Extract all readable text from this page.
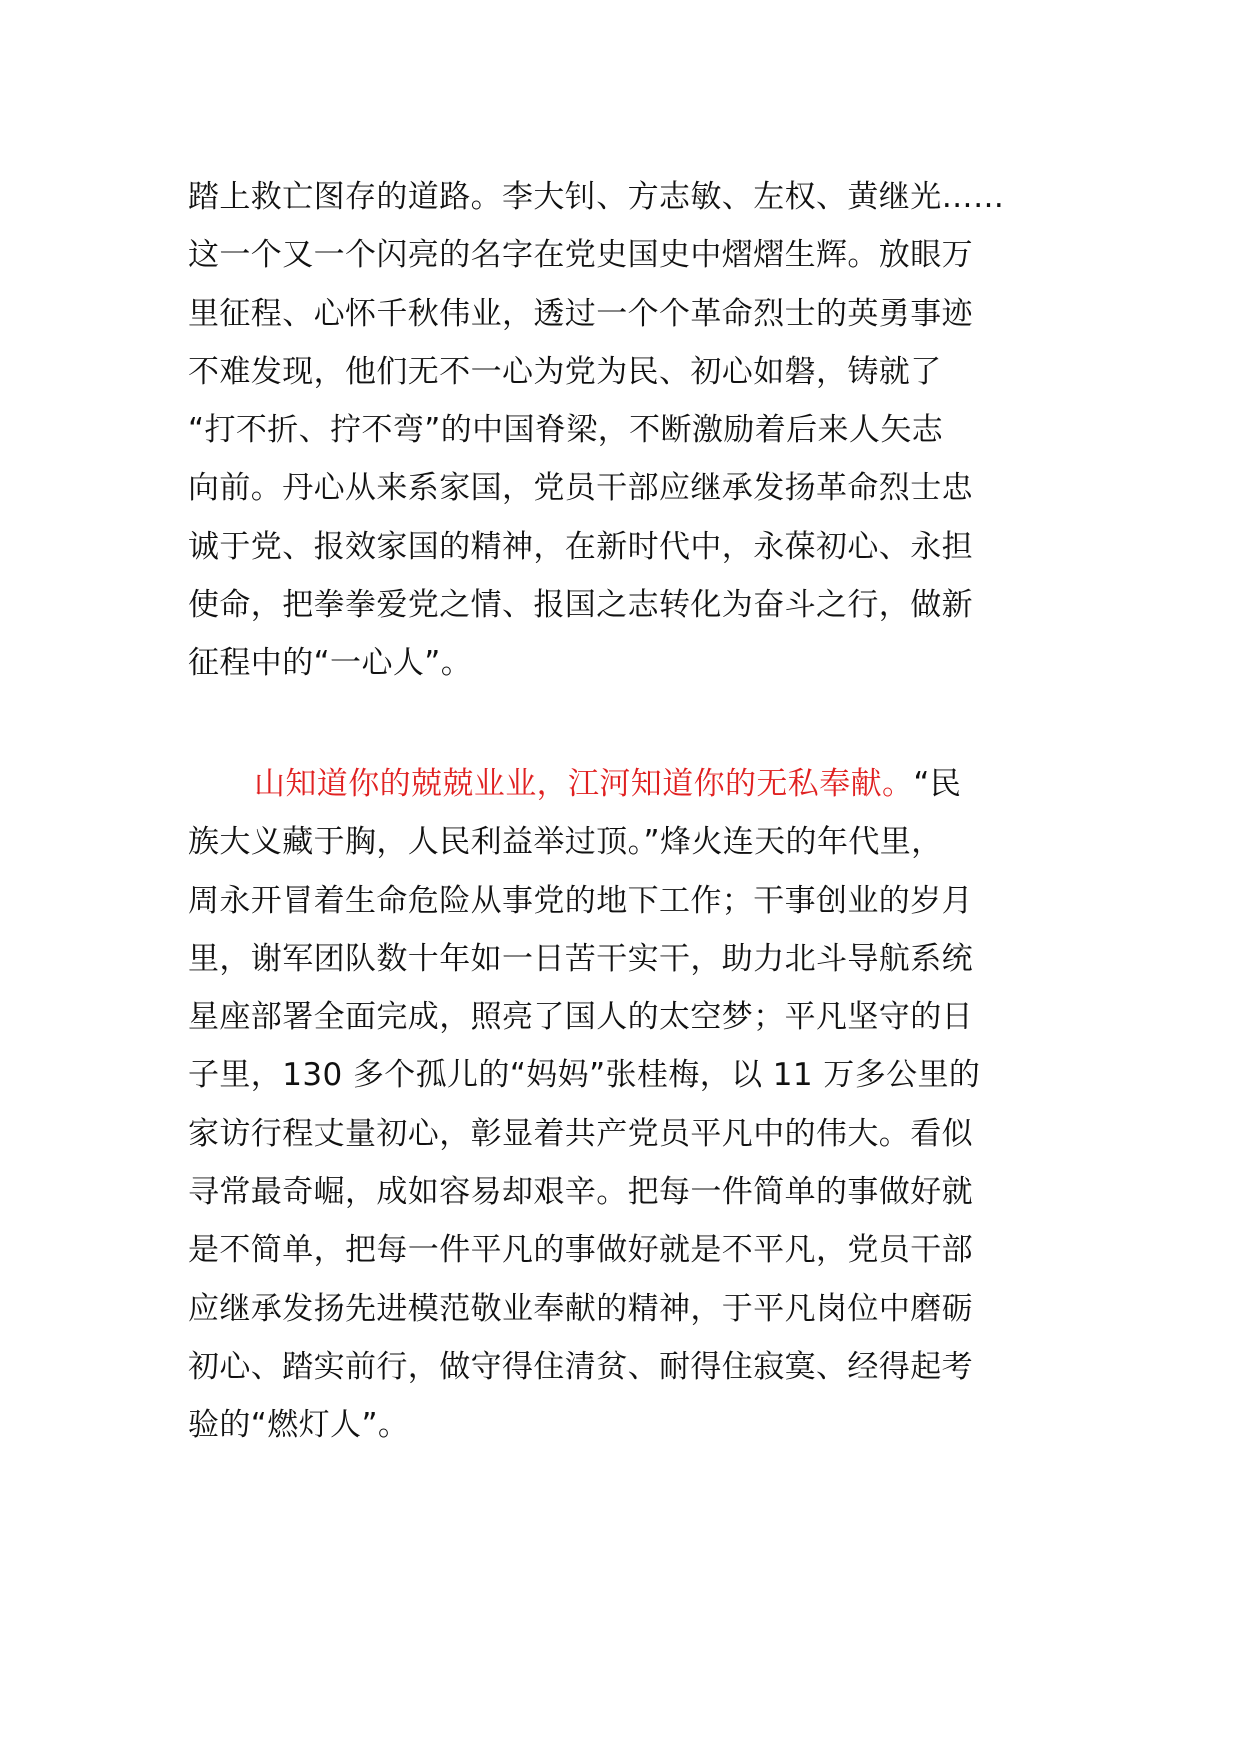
踏上救亡图存的道路。李大钊、方志敏、左权、黄继光……
这一个又一个闪亮的名字在党史国史中熠熠生辉。放眼万
里征程、心怀千秋伟业，透过一个个革命烈士的英勇事迹
不难发现，他们无不一心为党为民、初心如磐，铸就了
“打不折、拧不弯”的中国脊梁，不断激励着后来人矢志
向前。丹心从来系家国，党员干部应继承发扬革命烈士忠
诚于党、报效家国的精神，在新时代中，永葆初心、永担
使命，把拳拳爱党之情、报国之志转化为奋斗之行，做新
征程中的“一心人”。
山知道你的兢兢业业，江河知道你的无私奉献。“民
族大义藏于胸，人民利益举过顶。”烽火连天的年代里，
周永开冒着生命危险从事党的地下工作；干事创业的岁月
里，谢军团队数十年如一日苦干实干，助力北斗导航系统
星座部署全面完成，照亮了国人的太空梦；平凡坚守的日
子里，130 多个孤儿的“妈妈”张桂梅，以 11 万多公里的
家访行程丈量初心，彰显着共产党员平凡中的伟大。看似
寻常最奇崛，成如容易却艰辛。把每一件简单的事做好就
是不简单，把每一件平凡的事做好就是不平凡，党员干部
应继承发扬先进模范敬业奉献的精神，于平凡岗位中磨砺
初心、踏实前行，做守得住清贫、耐得住寂寞、经得起考
验的“燃灯人”。
